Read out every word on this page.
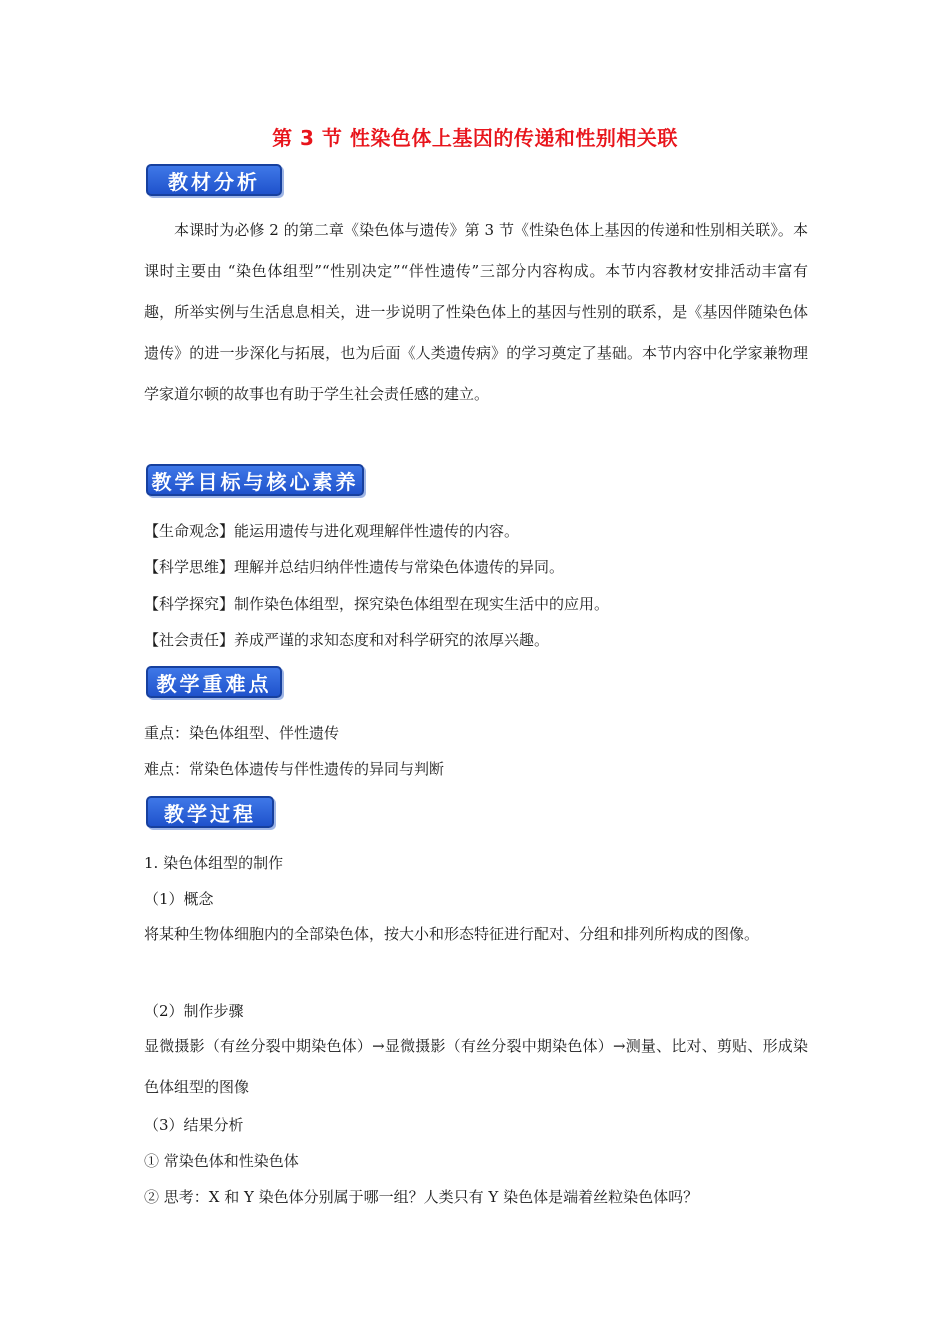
第 3 节 性染色体上基因的传递和性别相关联
教材分析
本课时为必修 2 的第二章《染色体与遗传》第 3 节《性染色体上基因的传递和性别相关联》。本课时主要由 “染色体组型”“性别决定”“伴性遗传”三部分内容构成。本节内容教材安排活动丰富有趣，所举实例与生活息息相关，进一步说明了性染色体上的基因与性别的联系，是《基因伴随染色体遗传》的进一步深化与拓展，也为后面《人类遗传病》的学习奠定了基础。本节内容中化学家兼物理学家道尔顿的故事也有助于学生社会责任感的建立。
教学目标与核心素养
【生命观念】能运用遗传与进化观理解伴性遗传的内容。
【科学思维】理解并总结归纳伴性遗传与常染色体遗传的异同。
【科学探究】制作染色体组型，探究染色体组型在现实生活中的应用。
【社会责任】养成严谨的求知态度和对科学研究的浓厚兴趣。
教学重难点
重点：染色体组型、伴性遗传
难点：常染色体遗传与伴性遗传的异同与判断
教学过程
1. 染色体组型的制作
（1）概念
将某种生物体细胞内的全部染色体，按大小和形态特征进行配对、分组和排列所构成的图像。
（2）制作步骤
显微摄影（有丝分裂中期染色体）→显微摄影（有丝分裂中期染色体）→测量、比对、剪贴、形成染色体组型的图像
（3）结果分析
① 常染色体和性染色体
② 思考：X 和 Y 染色体分别属于哪一组？人类只有 Y 染色体是端着丝粒染色体吗？
